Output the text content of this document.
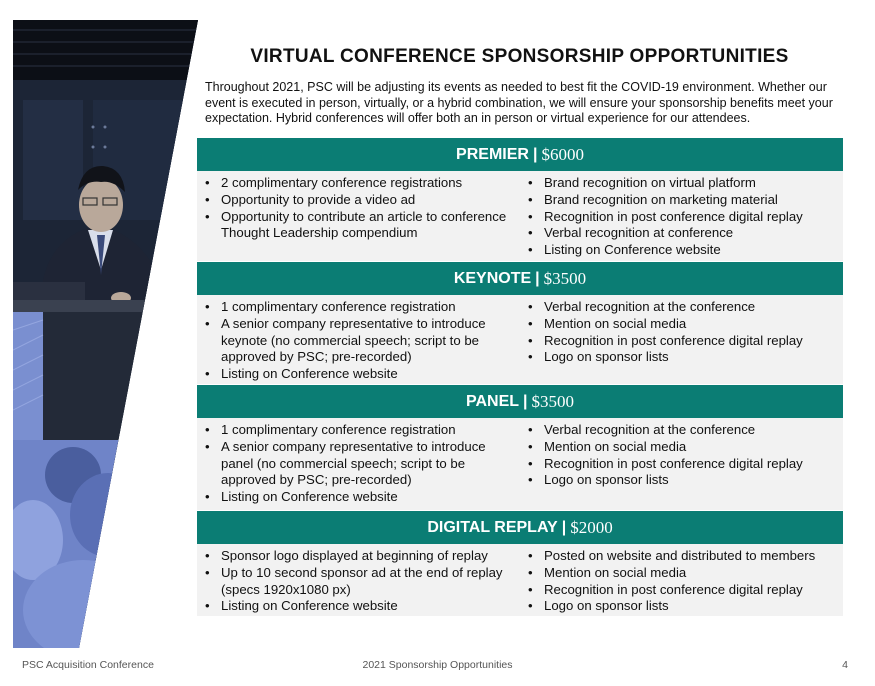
VIRTUAL CONFERENCE SPONSORSHIP OPPORTUNITIES
Throughout 2021, PSC will be adjusting its events as needed to best fit the COVID-19 environment. Whether our event is executed in person, virtually, or a hybrid combination, we will ensure your sponsorship benefits meet your expectation. Hybrid conferences will offer both an in person or virtual experience for our attendees.
PREMIER | $6000
• 2 complimentary conference registrations
• Opportunity to provide a video ad
• Opportunity to contribute an article to conference Thought Leadership compendium
• Brand recognition on virtual platform
• Brand recognition on marketing material
• Recognition in post conference digital replay
• Verbal recognition at conference
• Listing on Conference website
KEYNOTE | $3500
• 1 complimentary conference registration
• A senior company representative to introduce keynote (no commercial speech; script to be approved by PSC; pre-recorded)
• Listing on Conference website
• Verbal recognition at the conference
• Mention on social media
• Recognition in post conference digital replay
• Logo on sponsor lists
PANEL | $3500
• 1 complimentary conference registration
• A senior company representative to introduce panel (no commercial speech; script to be approved by PSC; pre-recorded)
• Listing on Conference website
• Verbal recognition at the conference
• Mention on social media
• Recognition in post conference digital replay
• Logo on sponsor lists
DIGITAL REPLAY | $2000
• Sponsor logo displayed at beginning of replay
• Up to 10 second sponsor ad at the end of replay (specs 1920x1080 px)
• Listing on Conference website
• Posted on website and distributed to members
• Mention on social media
• Recognition in post conference digital replay
• Logo on sponsor lists
PSC Acquisition Conference	2021 Sponsorship Opportunities	4
